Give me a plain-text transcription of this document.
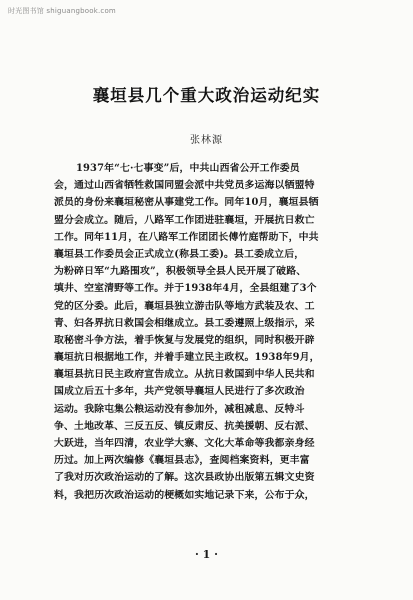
时光图书馆 shiguangbook.com
襄垣县几个重大政治运动纪实
张林源
1937年“七·七事变”后，中共山西省公开工作委员
会，通过山西省牺牲救国同盟会派中共党员多运海以牺盟特
派员的身份来襄垣秘密从事建党工作。同年10月，襄垣县牺
盟分会成立。随后，八路军工作团进驻襄垣，开展抗日救亡
工作。同年11月，在八路军工作团团长傅竹庭帮助下，中共
襄垣县工作委员会正式成立(称县工委)。县工委成立后，
为粉碎日军“九路围攻”，积极领导全县人民开展了破路、
填井、空室清野等工作。并于1938年4月，全县组建了3个
党的区分委。此后，襄垣县独立游击队等地方武装及农、工
青、妇各界抗日救国会相继成立。县工委遵照上级指示，采
取秘密斗争方法，着手恢复与发展党的组织，同时积极开辟
襄垣抗日根据地工作，并着手建立民主政权。1938年9月，
襄垣县抗日民主政府宣告成立。从抗日救国到中华人民共和
国成立后五十多年，共产党领导襄垣人民进行了多次政治
运动。我除屯集公粮运动没有参加外，减租减息、反特斗
争、土地改革、三反五反、镇反肃反、抗美援朝、反右派、
大跃进，当年四清，农业学大寨、文化大革命等我都亲身经
历过。加上两次编修《襄垣县志》，查阅档案资料，更丰富
了我对历次政治运动的了解。这次县政协出版第五辑文史资
料，我把历次政治运动的梗概如实地记录下来，公布于众，
· 1 ·
